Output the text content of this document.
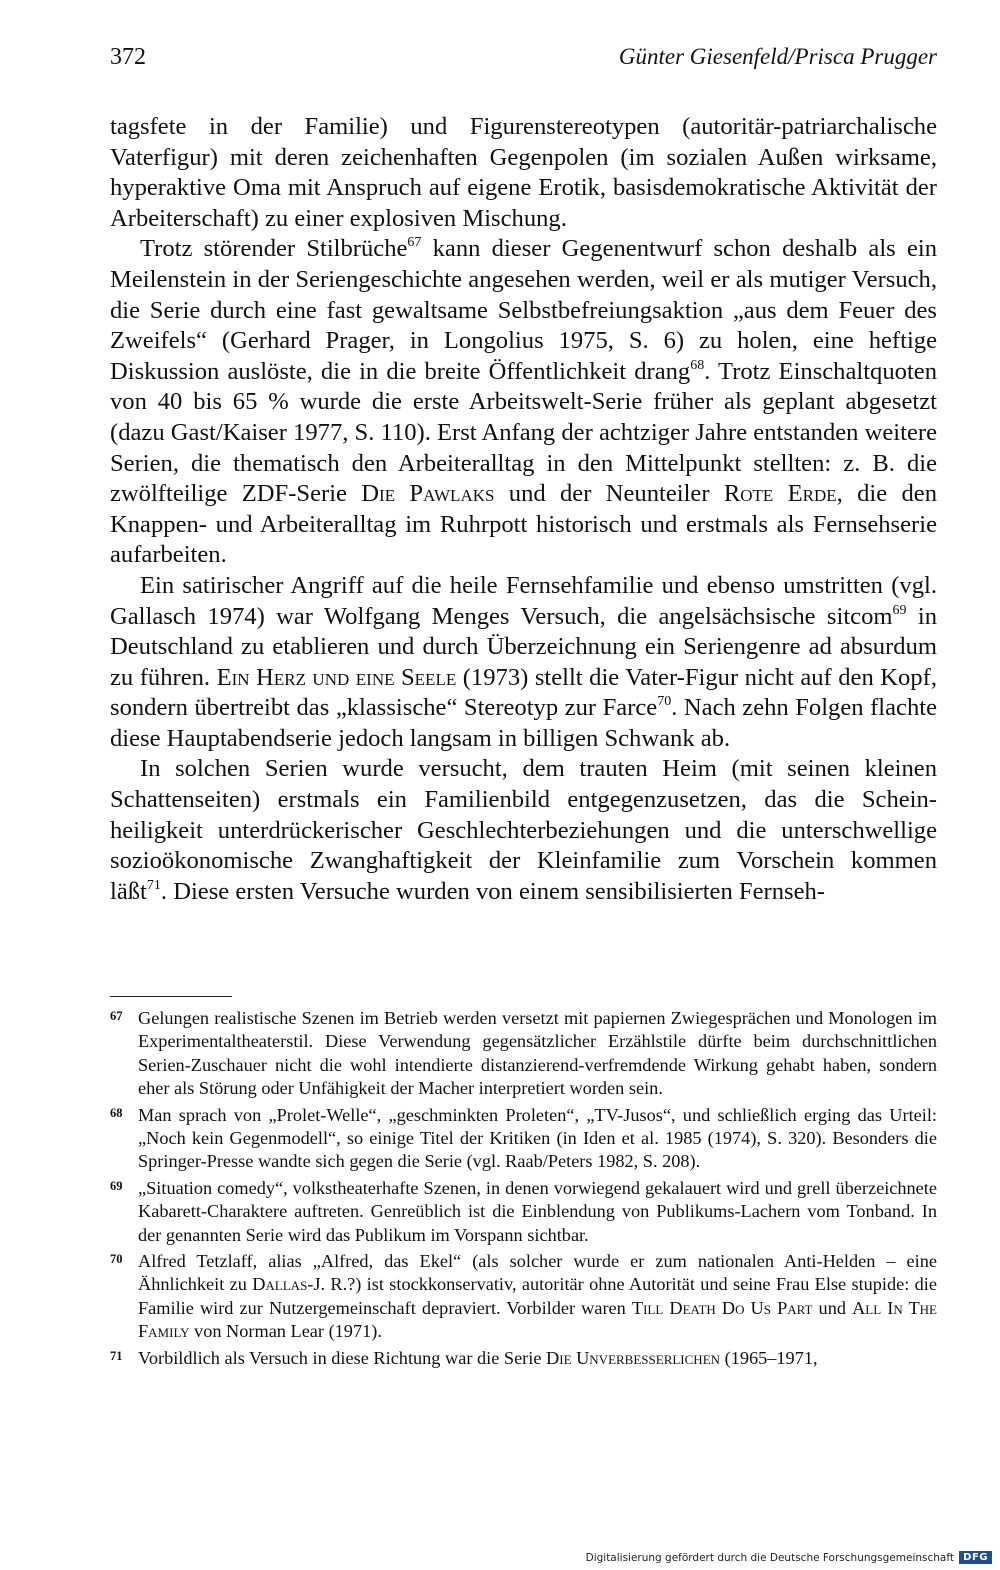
372	Günter Giesenfeld/Prisca Prugger

tagsfete in der Familie) und Figurenstereotypen (autoritär-patriarchalische Vaterfigur) mit deren zeichenhaften Gegenpolen (im sozialen Außen wirksame, hyperaktive Oma mit Anspruch auf eigene Erotik, basisdemokratische Aktivität der Arbeiterschaft) zu einer explosiven Mischung.

Trotz störender Stilbrüche$^{67}$ kann dieser Gegenentwurf schon deshalb als ein Meilenstein in der Seriengeschichte angesehen werden, weil er als mutiger Versuch, die Serie durch eine fast gewaltsame Selbstbefreiungsaktion „aus dem Feuer des Zweifels“ (Gerhard Prager, in Longolius 1975, S. 6) zu holen, eine heftige Diskussion auslöste, die in die breite Öffentlichkeit drang$^{68}$. Trotz Einschaltquoten von 40 bis 65 % wurde die erste Arbeitswelt-Serie früher als geplant abgesetzt (dazu Gast/Kaiser 1977, S. 110). Erst Anfang der achtziger Jahre entstanden weitere Serien, die thematisch den Arbeiteralltag in den Mittelpunkt stellten: z. B. die zwölfteilige ZDF-Serie Die Pawlaks und der Neunteiler Rote Erde, die den Knappen- und Arbeiteralltag im Ruhrpott historisch und erstmals als Fernsehserie aufarbeiten.

Ein satirischer Angriff auf die heile Fernsehfamilie und ebenso umstritten (vgl. Gallasch 1974) war Wolfgang Menges Versuch, die angelsächsische sitcom$^{69}$ in Deutschland zu etablieren und durch Überzeichnung ein Seriengenre ad absurdum zu führen. Ein Herz und eine Seele (1973) stellt die Vater-Figur nicht auf den Kopf, sondern übertreibt das „klassische“ Stereotyp zur Farce$^{70}$. Nach zehn Folgen flachte diese Hauptabendserie jedoch langsam in billigen Schwank ab.

In solchen Serien wurde versucht, dem trauten Heim (mit seinen kleinen Schattenseiten) erstmals ein Familienbild entgegenzusetzen, das die Scheinheiligkeit unterdrückerischer Geschlechterbeziehungen und die unterschwellige sozioökonomische Zwanghaftigkeit der Kleinfamilie zum Vorschein kommen läßt$^{71}$. Diese ersten Versuche wurden von einem sensibilisierten Fernseh-

67 Gelungen realistische Szenen im Betrieb werden versetzt mit papiernen Zwiegesprächen und Monologen im Experimentaltheaterstil. Diese Verwendung gegensätzlicher Erzählstile dürfte beim durchschnittlichen Serien-Zuschauer nicht die wohl intendierte distanzierend-verfremdende Wirkung gehabt haben, sondern eher als Störung oder Unfähigkeit der Macher interpretiert worden sein.

68 Man sprach von „Prolet-Welle“, „geschminkten Proleten“, „TV-Jusos“, und schließlich erging das Urteil: „Noch kein Gegenmodell“, so einige Titel der Kritiken (in Iden et al. 1985 (1974), S. 320). Besonders die Springer-Presse wandte sich gegen die Serie (vgl. Raab/Peters 1982, S. 208).

69 „Situation comedy“, volkstheaterhafte Szenen, in denen vorwiegend gekalauert wird und grell überzeichnete Kabarett-Charaktere auftreten. Genreüblich ist die Einblendung von Publikums-Lachern vom Tonband. In der genannten Serie wird das Publikum im Vorspann sichtbar.

70 Alfred Tetzlaff, alias „Alfred, das Ekel“ (als solcher wurde er zum nationalen Anti-Helden – eine Ähnlichkeit zu Dallas-J. R.?) ist stockkonservativ, autoritär ohne Autorität und seine Frau Else stupide: die Familie wird zur Nutzergemeinschaft depraviert. Vorbilder waren Till Death Do Us Part und All In The Family von Norman Lear (1971).

71 Vorbildlich als Versuch in diese Richtung war die Serie Die Unverbesserlichen (1965–1971,

Digitalisierung gefördert durch die Deutsche Forschungsgemeinschaft DFG
